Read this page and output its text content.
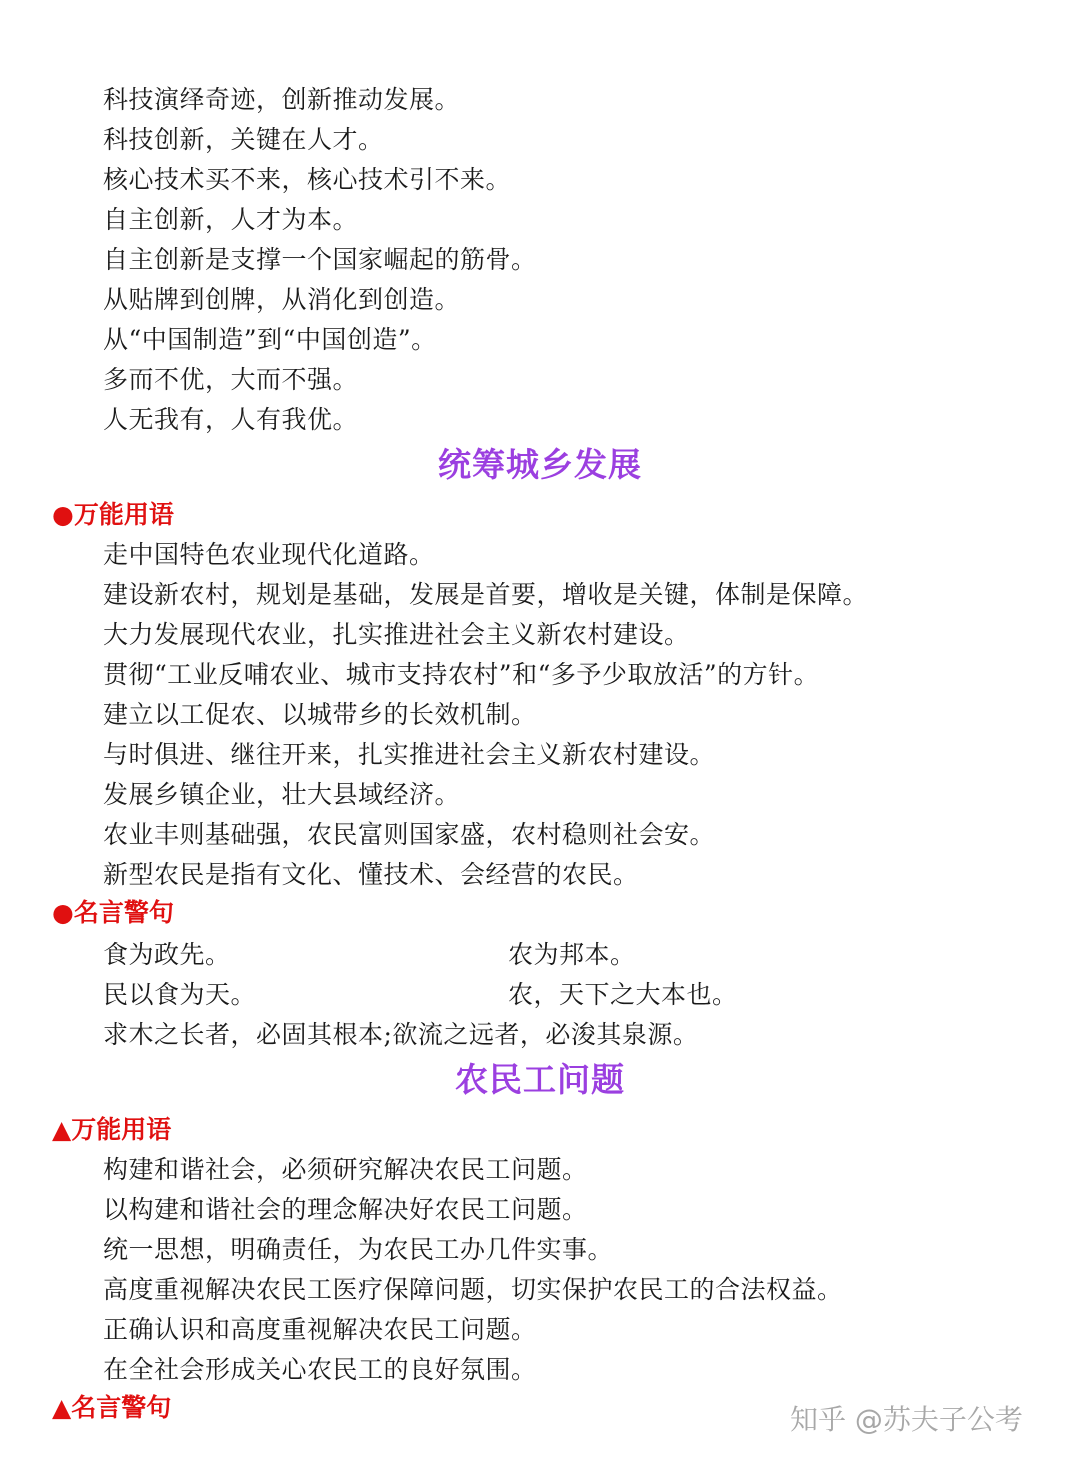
科技演绎奇迹，创新推动发展。
科技创新，关键在人才。
核心技术买不来，核心技术引不来。
自主创新，人才为本。
自主创新是支撑一个国家崛起的筋骨。
从贴牌到创牌，从消化到创造。
从“中国制造”到“中国创造”。
多而不优，大而不强。
人无我有，人有我优。
统筹城乡发展
●万能用语
走中国特色农业现代化道路。
建设新农村，规划是基础，发展是首要，增收是关键，体制是保障。
大力发展现代农业，扎实推进社会主义新农村建设。
贯彻“工业反哺农业、城市支持农村”和“多予少取放活”的方针。
建立以工促农、以城带乡的长效机制。
与时俱进、继往开来，扎实推进社会主义新农村建设。
发展乡镇企业，壮大县域经济。
农业丰则基础强，农民富则国家盛，农村稳则社会安。
新型农民是指有文化、懂技术、会经营的农民。
●名言警句
食为政先。	农为邦本。
民以食为天。	农，天下之大本也。
求木之长者，必固其根本;欲流之远者，必浚其泉源。
农民工问题
▲万能用语
构建和谐社会，必须研究解决农民工问题。
以构建和谐社会的理念解决好农民工问题。
统一思想，明确责任，为农民工办几件实事。
高度重视解决农民工医疗保障问题，切实保护农民工的合法权益。
正确认识和高度重视解决农民工问题。
在全社会形成关心农民工的良好氛围。
▲名言警句	知乎 @苏夫子公考
